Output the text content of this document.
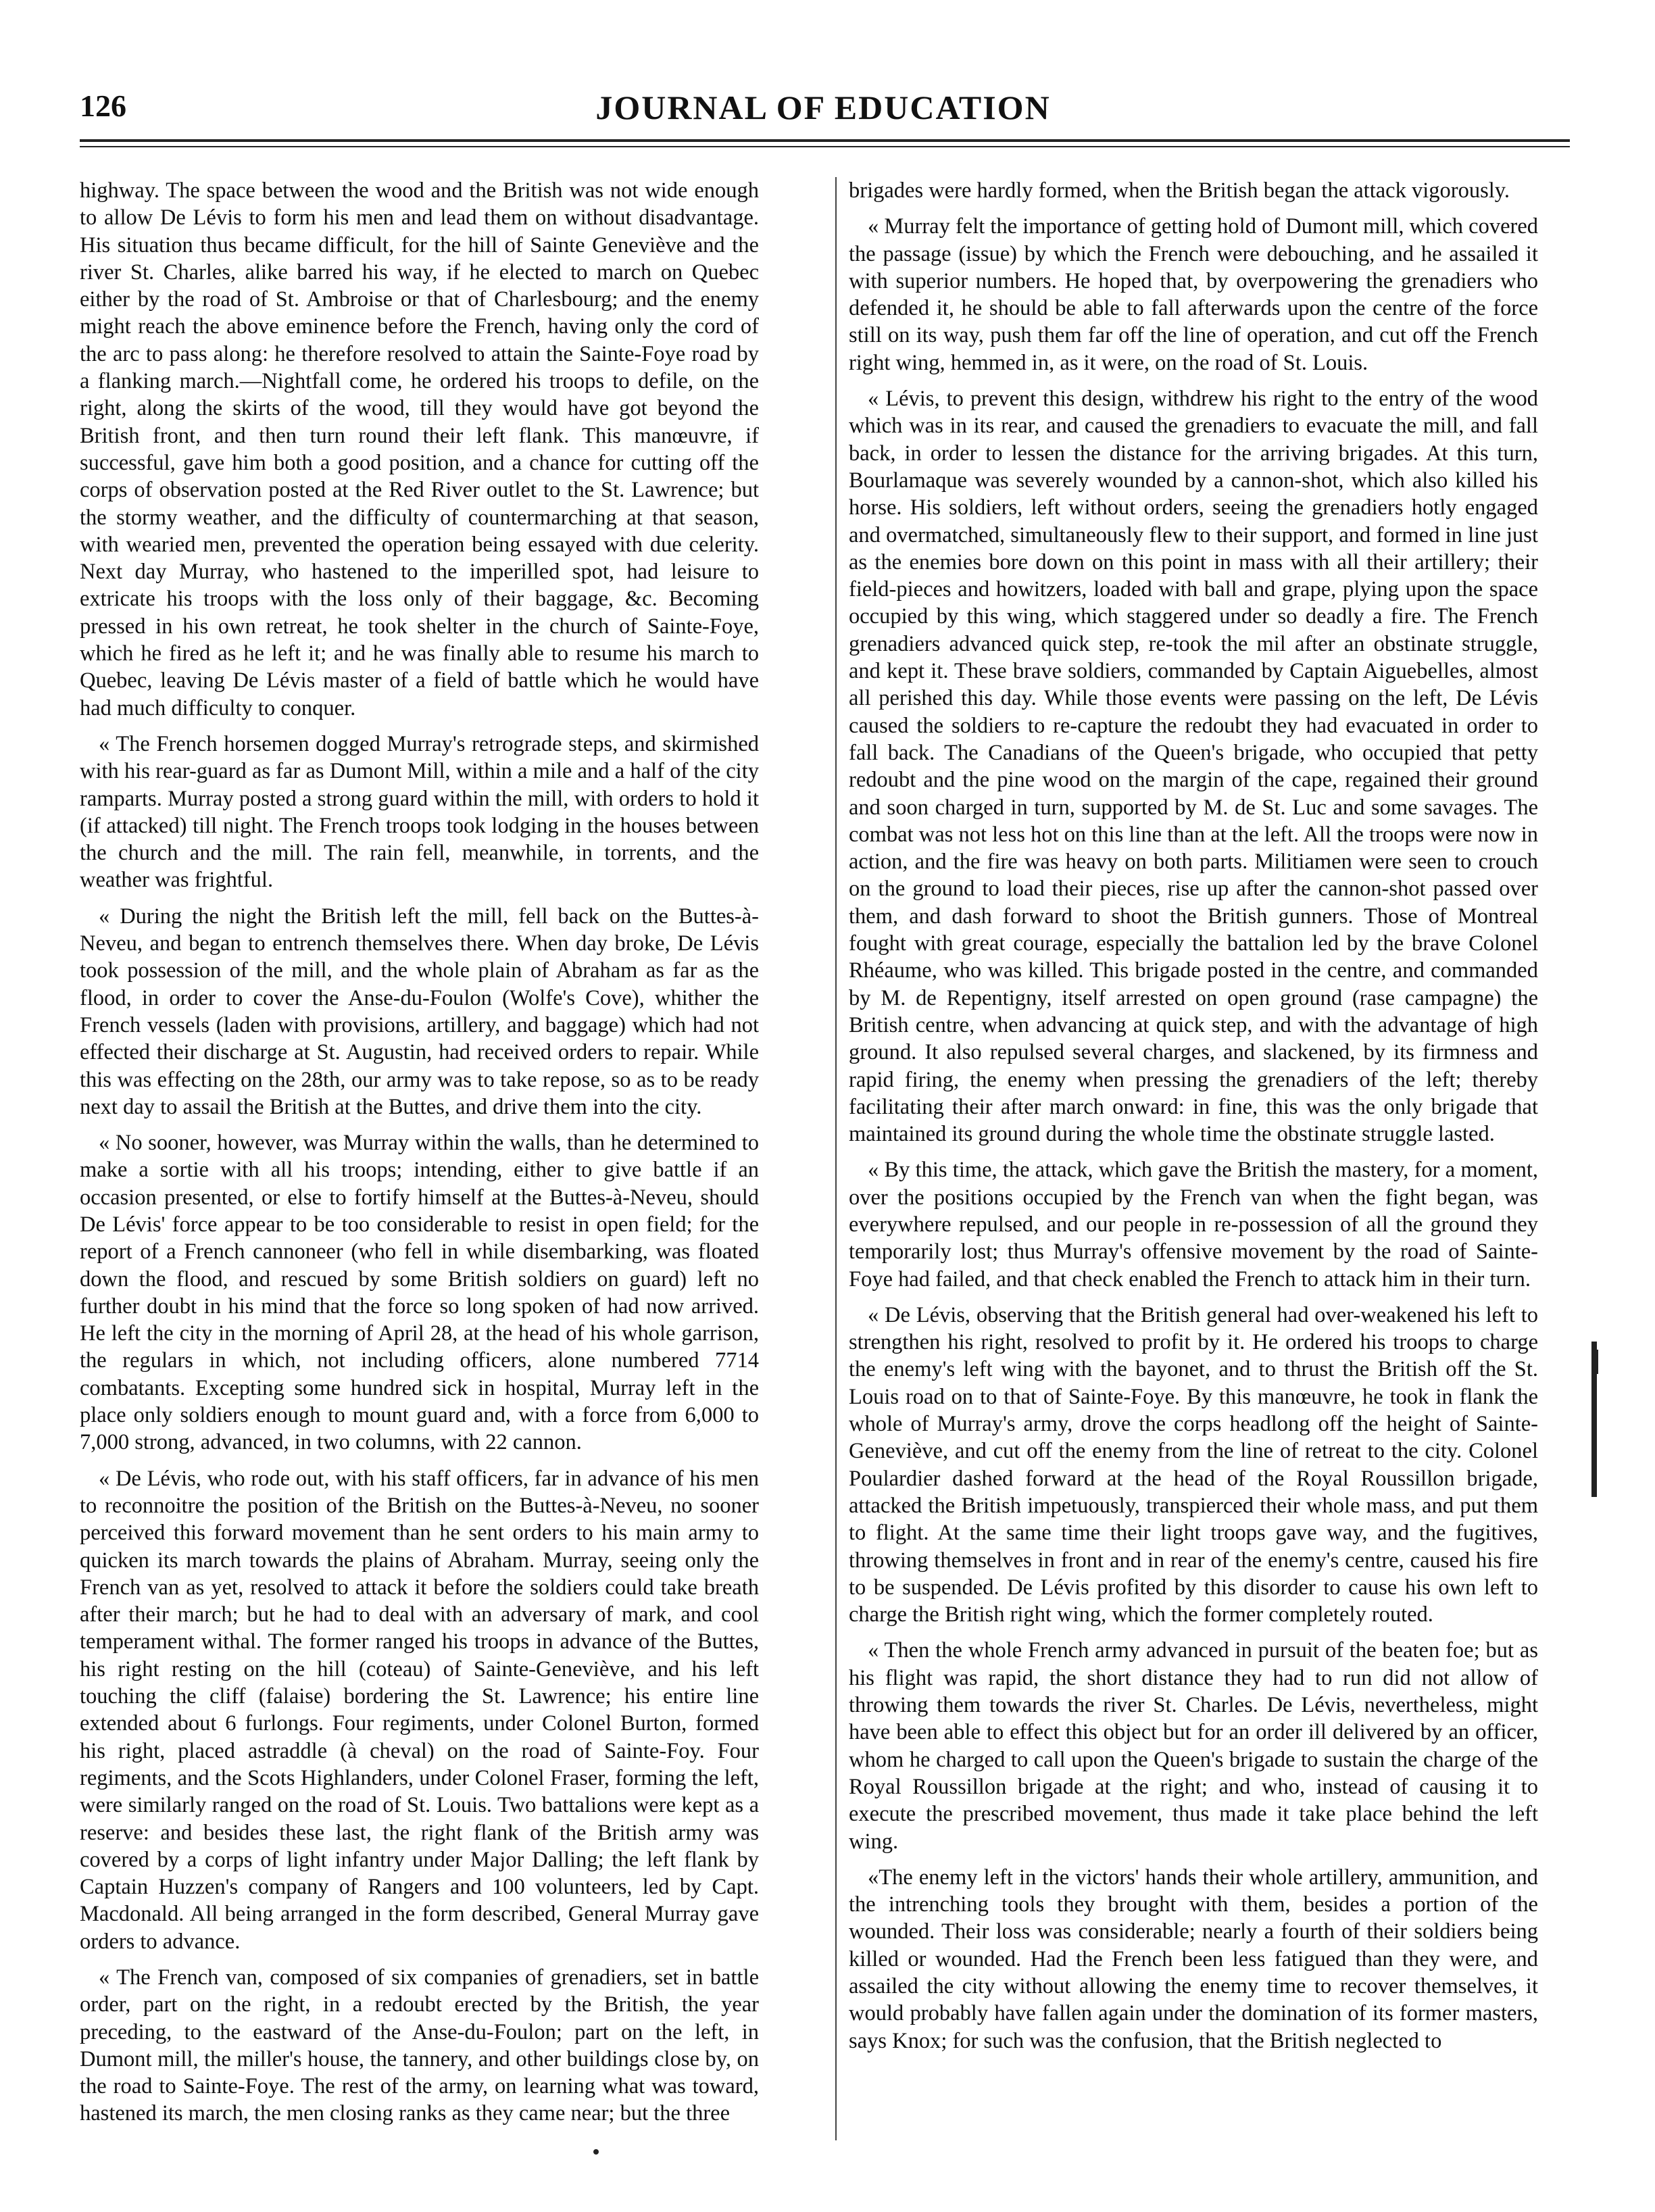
126	JOURNAL OF EDUCATION

highway. The space between the wood and the British was not wide enough to allow De Lévis to form his men and lead them on without disadvantage. His situation thus became difficult, for the hill of Sainte Geneviève and the river St. Charles, alike barred his way, if he elected to march on Quebec either by the road of St. Ambroise or that of Charlesbourg; and the enemy might reach the above eminence before the French, having only the cord of the arc to pass along: he therefore resolved to attain the Sainte-Foye road by a flanking march.—Nightfall come, he ordered his troops to defile, on the right, along the skirts of the wood, till they would have got beyond the British front, and then turn round their left flank. This manœuvre, if successful, gave him both a good position, and a chance for cutting off the corps of observation posted at the Red River outlet to the St. Lawrence; but the stormy weather, and the difficulty of countermarching at that season, with wearied men, prevented the operation being essayed with due celerity. Next day Murray, who hastened to the imperilled spot, had leisure to extricate his troops with the loss only of their baggage, &c. Becoming pressed in his own retreat, he took shelter in the church of Sainte-Foye, which he fired as he left it; and he was finally able to resume his march to Quebec, leaving De Lévis master of a field of battle which he would have had much difficulty to conquer.

« The French horsemen dogged Murray's retrograde steps, and skirmished with his rear-guard as far as Dumont Mill, within a mile and a half of the city ramparts. Murray posted a strong guard within the mill, with orders to hold it (if attacked) till night. The French troops took lodging in the houses between the church and the mill. The rain fell, meanwhile, in torrents, and the weather was frightful.

« During the night the British left the mill, fell back on the Buttes-à-Neveu, and began to entrench themselves there. When day broke, De Lévis took possession of the mill, and the whole plain of Abraham as far as the flood, in order to cover the Anse-du-Foulon (Wolfe's Cove), whither the French vessels (laden with provisions, artillery, and baggage) which had not effected their discharge at St. Augustin, had received orders to repair. While this was effecting on the 28th, our army was to take repose, so as to be ready next day to assail the British at the Buttes, and drive them into the city.

« No sooner, however, was Murray within the walls, than he determined to make a sortie with all his troops; intending, either to give battle if an occasion presented, or else to fortify himself at the Buttes-à-Neveu, should De Lévis' force appear to be too considerable to resist in open field; for the report of a French cannoneer (who fell in while disembarking, was floated down the flood, and rescued by some British soldiers on guard) left no further doubt in his mind that the force so long spoken of had now arrived. He left the city in the morning of April 28, at the head of his whole garrison, the regulars in which, not including officers, alone numbered 7714 combatants. Excepting some hundred sick in hospital, Murray left in the place only soldiers enough to mount guard and, with a force from 6,000 to 7,000 strong, advanced, in two columns, with 22 cannon.

« De Lévis, who rode out, with his staff officers, far in advance of his men to reconnoitre the position of the British on the Buttes-à-Neveu, no sooner perceived this forward movement than he sent orders to his main army to quicken its march towards the plains of Abraham. Murray, seeing only the French van as yet, resolved to attack it before the soldiers could take breath after their march; but he had to deal with an adversary of mark, and cool temperament withal. The former ranged his troops in advance of the Buttes, his right resting on the hill (coteau) of Sainte-Geneviève, and his left touching the cliff (falaise) bordering the St. Lawrence; his entire line extended about 6 furlongs. Four regiments, under Colonel Burton, formed his right, placed astraddle (à cheval) on the road of Sainte-Foy. Four regiments, and the Scots Highlanders, under Colonel Fraser, forming the left, were similarly ranged on the road of St. Louis. Two battalions were kept as a reserve: and besides these last, the right flank of the British army was covered by a corps of light infantry under Major Dalling; the left flank by Captain Huzzen's company of Rangers and 100 volunteers, led by Capt. Macdonald. All being arranged in the form described, General Murray gave orders to advance.

« The French van, composed of six companies of grenadiers, set in battle order, part on the right, in a redoubt erected by the British, the year preceding, to the eastward of the Anse-du-Foulon; part on the left, in Dumont mill, the miller's house, the tannery, and other buildings close by, on the road to Sainte-Foye. The rest of the army, on learning what was toward, hastened its march, the men closing ranks as they came near; but the three

brigades were hardly formed, when the British began the attack vigorously.

« Murray felt the importance of getting hold of Dumont mill, which covered the passage (issue) by which the French were debouching, and he assailed it with superior numbers. He hoped that, by overpowering the grenadiers who defended it, he should be able to fall afterwards upon the centre of the force still on its way, push them far off the line of operation, and cut off the French right wing, hemmed in, as it were, on the road of St. Louis.

« Lévis, to prevent this design, withdrew his right to the entry of the wood which was in its rear, and caused the grenadiers to evacuate the mill, and fall back, in order to lessen the distance for the arriving brigades. At this turn, Bourlamaque was severely wounded by a cannon-shot, which also killed his horse. His soldiers, left without orders, seeing the grenadiers hotly engaged and overmatched, simultaneously flew to their support, and formed in line just as the enemies bore down on this point in mass with all their artillery; their field-pieces and howitzers, loaded with ball and grape, plying upon the space occupied by this wing, which staggered under so deadly a fire. The French grenadiers advanced quick step, re-took the mil after an obstinate struggle, and kept it. These brave soldiers, commanded by Captain Aiguebelles, almost all perished this day. While those events were passing on the left, De Lévis caused the soldiers to re-capture the redoubt they had evacuated in order to fall back. The Canadians of the Queen's brigade, who occupied that petty redoubt and the pine wood on the margin of the cape, regained their ground and soon charged in turn, supported by M. de St. Luc and some savages. The combat was not less hot on this line than at the left. All the troops were now in action, and the fire was heavy on both parts. Militiamen were seen to crouch on the ground to load their pieces, rise up after the cannon-shot passed over them, and dash forward to shoot the British gunners. Those of Montreal fought with great courage, especially the battalion led by the brave Colonel Rhéaume, who was killed. This brigade posted in the centre, and commanded by M. de Repentigny, itself arrested on open ground (rase campagne) the British centre, when advancing at quick step, and with the advantage of high ground. It also repulsed several charges, and slackened, by its firmness and rapid firing, the enemy when pressing the grenadiers of the left; thereby facilitating their after march onward: in fine, this was the only brigade that maintained its ground during the whole time the obstinate struggle lasted.

« By this time, the attack, which gave the British the mastery, for a moment, over the positions occupied by the French van when the fight began, was everywhere repulsed, and our people in re-possession of all the ground they temporarily lost; thus Murray's offensive movement by the road of Sainte-Foye had failed, and that check enabled the French to attack him in their turn.

« De Lévis, observing that the British general had over-weakened his left to strengthen his right, resolved to profit by it. He ordered his troops to charge the enemy's left wing with the bayonet, and to thrust the British off the St. Louis road on to that of Sainte-Foye. By this manœuvre, he took in flank the whole of Murray's army, drove the corps headlong off the height of Sainte-Geneviève, and cut off the enemy from the line of retreat to the city. Colonel Poulardier dashed forward at the head of the Royal Roussillon brigade, attacked the British impetuously, transpierced their whole mass, and put them to flight. At the same time their light troops gave way, and the fugitives, throwing themselves in front and in rear of the enemy's centre, caused his fire to be suspended. De Lévis profited by this disorder to cause his own left to charge the British right wing, which the former completely routed.

« Then the whole French army advanced in pursuit of the beaten foe; but as his flight was rapid, the short distance they had to run did not allow of throwing them towards the river St. Charles. De Lévis, nevertheless, might have been able to effect this object but for an order ill delivered by an officer, whom he charged to call upon the Queen's brigade to sustain the charge of the Royal Roussillon brigade at the right; and who, instead of causing it to execute the prescribed movement, thus made it take place behind the left wing.

«The enemy left in the victors' hands their whole artillery, ammunition, and the intrenching tools they brought with them, besides a portion of the wounded. Their loss was considerable; nearly a fourth of their soldiers being killed or wounded. Had the French been less fatigued than they were, and assailed the city without allowing the enemy time to recover themselves, it would probably have fallen again under the domination of its former masters, says Knox; for such was the confusion, that the British neglected to
